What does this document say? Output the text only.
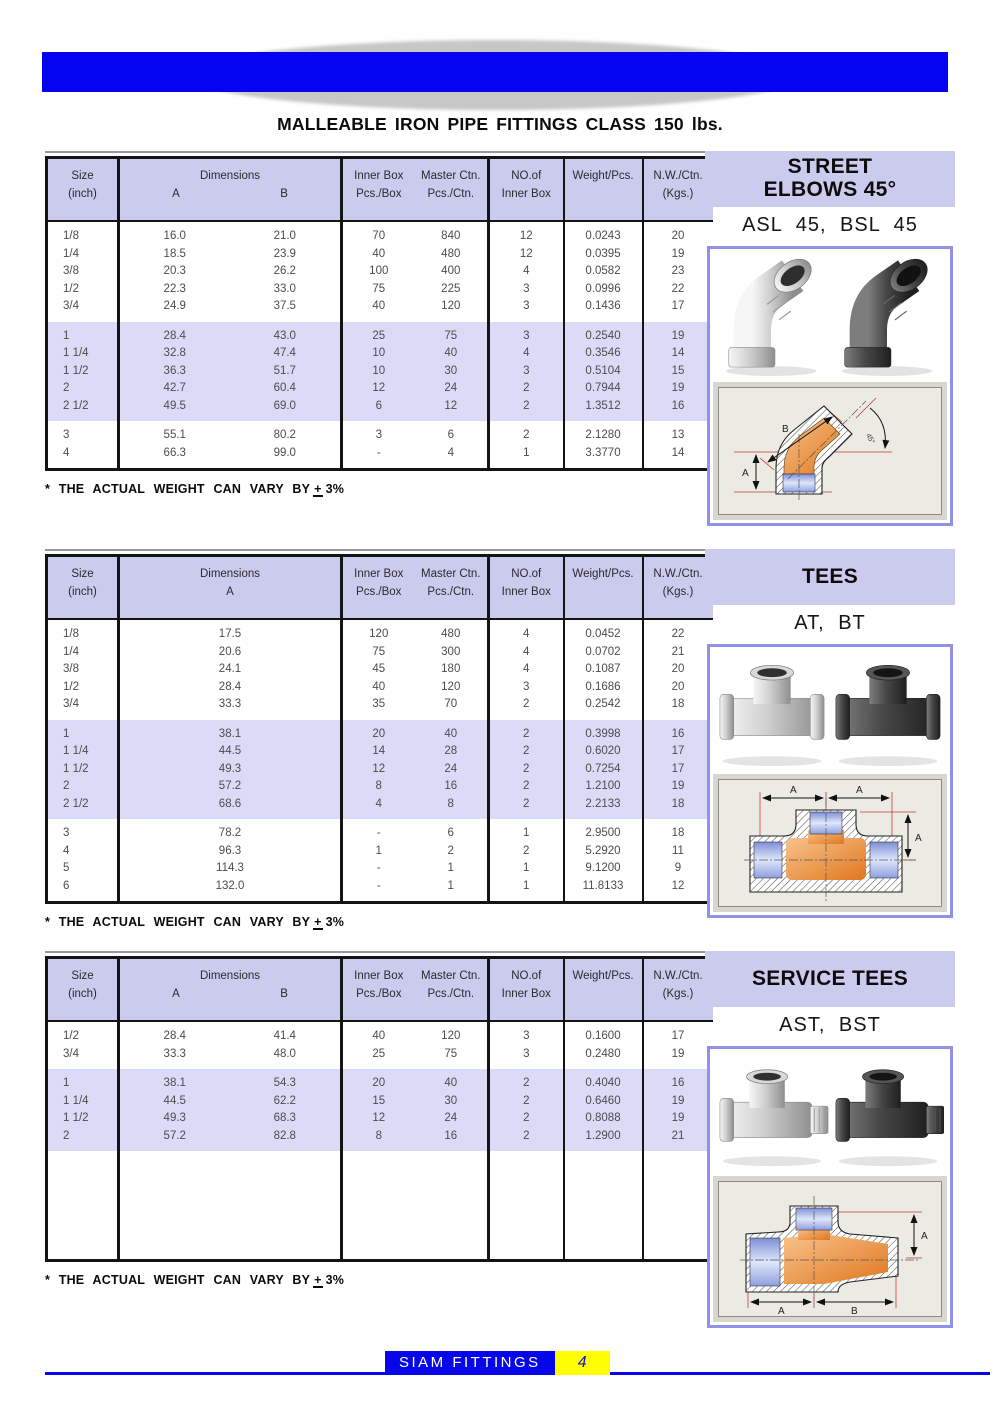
MALLEABLE IRON PIPE FITTINGS CLASS 150 lbs.
Size
(inch)

Dimensions
A	B

Inner Box
Pcs./Box

Master Ctn.
Pcs./Ctn.

NO.of
Inner Box

Weight/Pcs.	N.W./Ctn.
(Kgs.)

1/8	16.0	21.0	70	840	12	0.0243	20
1/4	18.5	23.9	40	480	12	0.0395	19
3/8	20.3	26.2	100	400	4	0.0582	23
1/2	22.3	33.0	75	225	3	0.0996	22
3/4	24.9	37.5	40	120	3	0.1436	17
1	28.4	43.0	25	75	3	0.2540	19
1 1/4	32.8	47.4	10	40	4	0.3546	14
1 1/2	36.3	51.7	10	30	3	0.5104	15
2	42.7	60.4	12	24	2	0.7944	19
2 1/2	49.5	69.0	6	12	2	1.3512	16
3	55.1	80.2	3	6	2	2.1280	13
4	66.3	99.0	-	4	1	3.3770	14
* THE ACTUAL WEIGHT CAN VARY BY + 3%
STREET
ELBOWS 45°
ASL 45, BSL 45
B
A
45°
Size
(inch)

Dimensions
A

Inner Box
Pcs./Box

Master Ctn.
Pcs./Ctn.

NO.of
Inner Box

Weight/Pcs.	N.W./Ctn.
(Kgs.)

1/8	17.5	120	480	4	0.0452	22
1/4	20.6	75	300	4	0.0702	21
3/8	24.1	45	180	4	0.1087	20
1/2	28.4	40	120	3	0.1686	20
3/4	33.3	35	70	2	0.2542	18
1	38.1	20	40	2	0.3998	16
1 1/4	44.5	14	28	2	0.6020	17
1 1/2	49.3	12	24	2	0.7254	17
2	57.2	8	16	2	1.2100	19
2 1/2	68.6	4	8	2	2.2133	18
3	78.2	-	6	1	2.9500	18
4	96.3	1	2	2	5.2920	11
5	114.3	-	1	1	9.1200	9
6	132.0	-	1	1	11.8133	12
* THE ACTUAL WEIGHT CAN VARY BY + 3%
TEES
AT, BT
A	A
A
Size
(inch)

Dimensions
A	B

Inner Box
Pcs./Box

Master Ctn.
Pcs./Ctn.

NO.of
Inner Box

Weight/Pcs.	N.W./Ctn.
(Kgs.)

1/2	28.4	41.4	40	120	3	0.1600	17
3/4	33.3	48.0	25	75	3	0.2480	19
1	38.1	54.3	20	40	2	0.4040	16
1 1/4	44.5	62.2	15	30	2	0.6460	19
1 1/2	49.3	68.3	12	24	2	0.8088	19
2	57.2	82.8	8	16	2	1.2900	21

* THE ACTUAL WEIGHT CAN VARY BY + 3%
SERVICE TEES
AST, BST
A	B
A
SIAM FITTINGS	4
